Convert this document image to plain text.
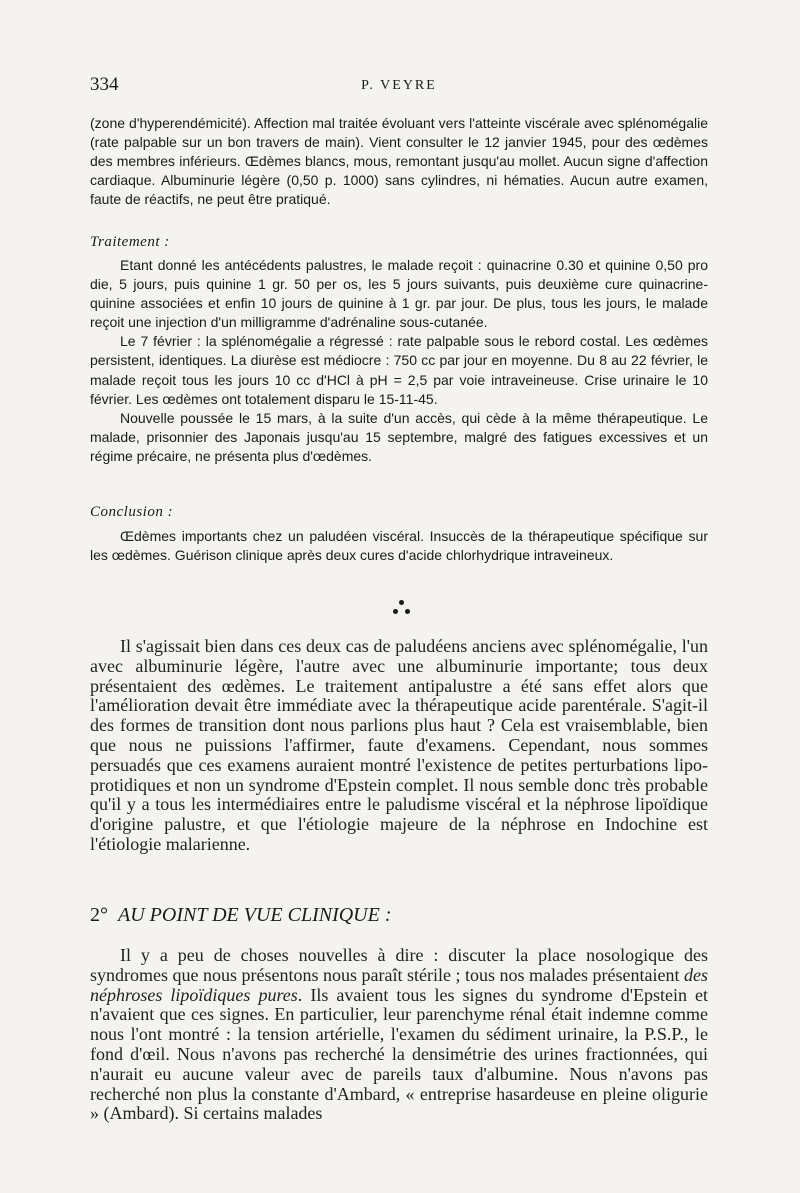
334	P. VEYRE

(zone d'hyperendémicité). Affection mal traitée évoluant vers l'atteinte viscérale avec splénomégalie (rate palpable sur un bon travers de main). Vient consulter le 12 janvier 1945, pour des œdèmes des membres inférieurs. Œdèmes blancs, mous, remontant jusqu'au mollet. Aucun signe d'affection cardiaque. Albuminurie légère (0,50 p. 1000) sans cylindres, ni hématies. Aucun autre examen, faute de réactifs, ne peut être pratiqué.

Traitement :

Etant donné les antécédents palustres, le malade reçoit : quinacrine 0.30 et quinine 0,50 pro die, 5 jours, puis quinine 1 gr. 50 per os, les 5 jours suivants, puis deuxième cure quinacrine-quinine associées et enfin 10 jours de quinine à 1 gr. par jour. De plus, tous les jours, le malade reçoit une injection d'un milligramme d'adrénaline sous-cutanée.

Le 7 février : la splénomégalie a régressé : rate palpable sous le rebord costal. Les œdèmes persistent, identiques. La diurèse est médiocre : 750 cc par jour en moyenne. Du 8 au 22 février, le malade reçoit tous les jours 10 cc d'HCl à pH = 2,5 par voie intraveineuse. Crise urinaire le 10 février. Les œdèmes ont totalement disparu le 15-11-45.

Nouvelle poussée le 15 mars, à la suite d'un accès, qui cède à la même thérapeutique. Le malade, prisonnier des Japonais jusqu'au 15 septembre, malgré des fatigues excessives et un régime précaire, ne présenta plus d'œdèmes.

Conclusion :

Œdèmes importants chez un paludéen viscéral. Insuccès de la thérapeutique spécifique sur les œdèmes. Guérison clinique après deux cures d'acide chlorhydrique intraveineux.

Il s'agissait bien dans ces deux cas de paludéens anciens avec splénomégalie, l'un avec albuminurie légère, l'autre avec une albuminurie importante; tous deux présentaient des œdèmes. Le traitement antipalustre a été sans effet alors que l'amélioration devait être immédiate avec la thérapeutique acide parentérale. S'agit-il des formes de transition dont nous parlions plus haut ? Cela est vraisemblable, bien que nous ne puissions l'affirmer, faute d'examens. Cependant, nous sommes persuadés que ces examens auraient montré l'existence de petites perturbations lipo-protidiques et non un syndrome d'Epstein complet. Il nous semble donc très probable qu'il y a tous les intermédiaires entre le paludisme viscéral et la néphrose lipoïdique d'origine palustre, et que l'étiologie majeure de la néphrose en Indochine est l'étiologie malarienne.

2° AU POINT DE VUE CLINIQUE :

Il y a peu de choses nouvelles à dire : discuter la place nosologique des syndromes que nous présentons nous paraît stérile ; tous nos malades présentaient des néphroses lipoïdiques pures. Ils avaient tous les signes du syndrome d'Epstein et n'avaient que ces signes. En particulier, leur parenchyme rénal était indemne comme nous l'ont montré : la tension artérielle, l'examen du sédiment urinaire, la P.S.P., le fond d'œil. Nous n'avons pas recherché la densimétrie des urines fractionnées, qui n'aurait eu aucune valeur avec de pareils taux d'albumine. Nous n'avons pas recherché non plus la constante d'Ambard, « entreprise hasardeuse en pleine oligurie » (Ambard). Si certains malades
